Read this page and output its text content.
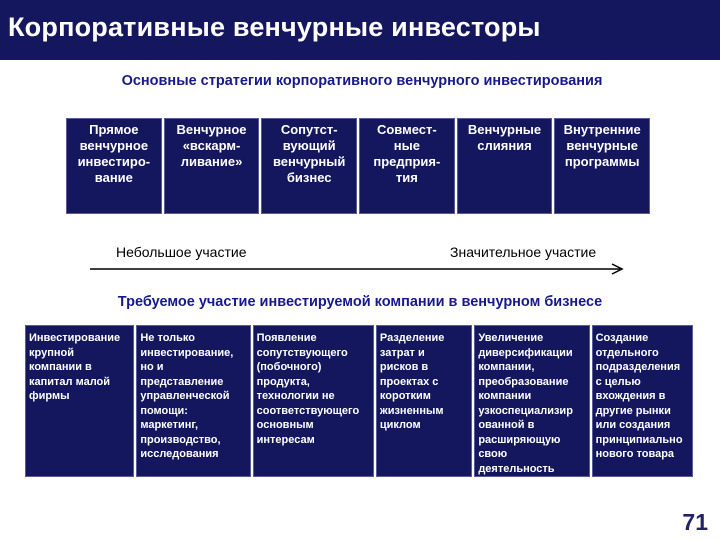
Корпоративные венчурные инвесторы
Основные стратегии корпоративного венчурного инвестирования
Прямое
венчурное
инвестиро-
вание
Венчурное
«вскарм-
ливание»
Сопутст-
вующий
венчурный
бизнес
Совмест-
ные
предприя-
тия
Венчурные
слияния
Внутренние
венчурные
программы
Небольшое участие	Значительное участие
Требуемое участие инвестируемой компании в венчурном бизнесе
Инвестирование
крупной
компании в
капитал малой
фирмы
Не только
инвестирование,
но и
представление
управленческой
помощи:
маркетинг,
производство,
исследования
Появление
сопутствующего
(побочного)
продукта,
технологии не
соответствующего
основным
интересам
Разделение
затрат и
рисков в
проектах с
коротким
жизненным
циклом
Увеличение
диверсификации
компании,
преобразование
компании
узкоспециализир
ованной в
расширяющую
свою
деятельность
Создание
отдельного
подразделения
с целью
вхождения в
другие рынки
или создания
принципиально
нового товара
71
